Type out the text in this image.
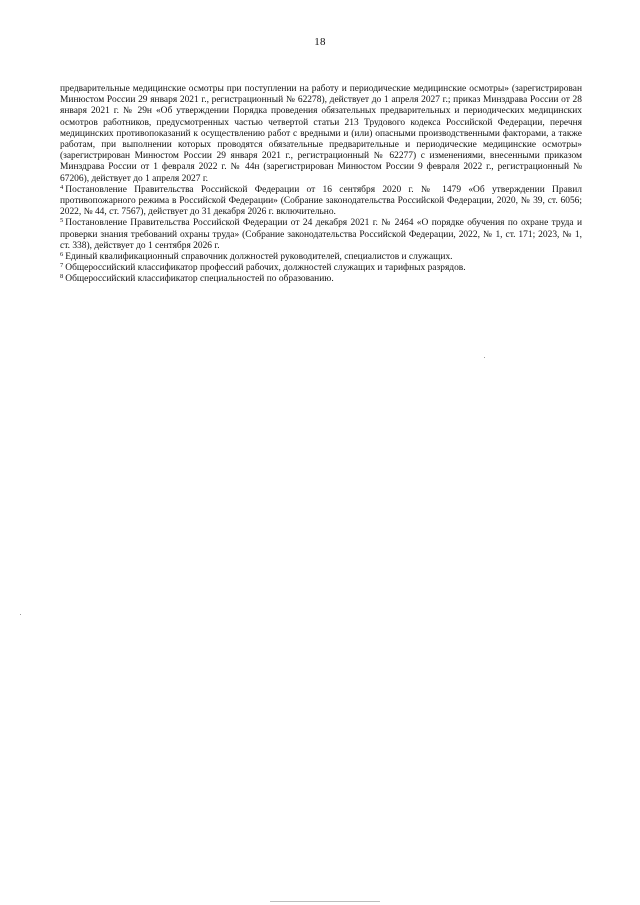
18

предварительные медицинские осмотры при поступлении на работу и периодические медицинские осмотры» (зарегистрирован Минюстом России 29 января 2021 г., регистрационный № 62278), действует до 1 апреля 2027 г.; приказ Минздрава России от 28 января 2021 г. № 29н «Об утверждении Порядка проведения обязательных предварительных и периодических медицинских осмотров работников, предусмотренных частью четвертой статьи 213 Трудового кодекса Российской Федерации, перечня медицинских противопоказаний к осуществлению работ с вредными и (или) опасными производственными факторами, а также работам, при выполнении которых проводятся обязательные предварительные и периодические медицинские осмотры» (зарегистрирован Минюстом России 29 января 2021 г., регистрационный № 62277) с изменениями, внесенными приказом Минздрава России от 1 февраля 2022 г. № 44н (зарегистрирован Минюстом России 9 февраля 2022 г., регистрационный № 67206), действует до 1 апреля 2027 г.

$^4$ Постановление Правительства Российской Федерации от 16 сентября 2020 г. № 1479 «Об утверждении Правил противопожарного режима в Российской Федерации» (Собрание законодательства Российской Федерации, 2020, № 39, ст. 6056; 2022, № 44, ст. 7567), действует до 31 декабря 2026 г. включительно.

$^5$ Постановление Правительства Российской Федерации от 24 декабря 2021 г. № 2464 «О порядке обучения по охране труда и проверки знания требований охраны труда» (Собрание законодательства Российской Федерации, 2022, № 1, ст. 171; 2023, № 1, ст. 338), действует до 1 сентября 2026 г.

$^6$ Единый квалификационный справочник должностей руководителей, специалистов и служащих.

$^7$ Общероссийский классификатор профессий рабочих, должностей служащих и тарифных разрядов.

$^8$ Общероссийский классификатор специальностей по образованию.
